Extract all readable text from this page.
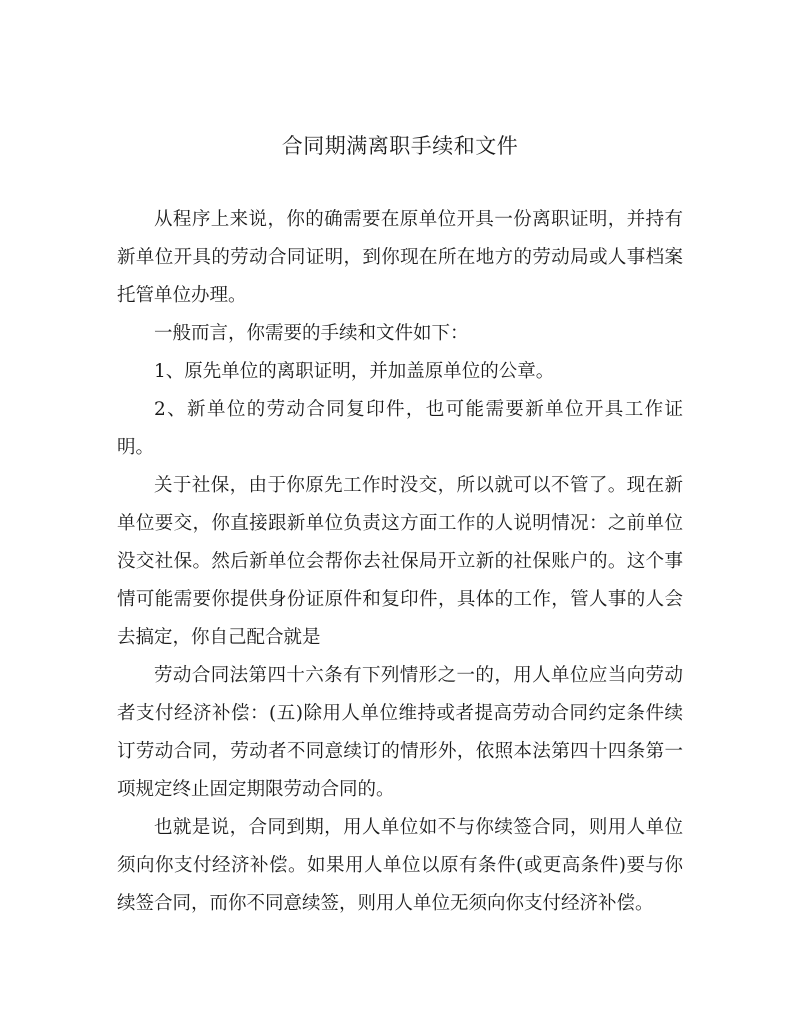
合同期满离职手续和文件

从程序上来说，你的确需要在原单位开具一份离职证明，并持有新单位开具的劳动合同证明，到你现在所在地方的劳动局或人事档案托管单位办理。

一般而言，你需要的手续和文件如下：

1、原先单位的离职证明，并加盖原单位的公章。

2、新单位的劳动合同复印件，也可能需要新单位开具工作证明。

关于社保，由于你原先工作时没交，所以就可以不管了。现在新单位要交，你直接跟新单位负责这方面工作的人说明情况：之前单位没交社保。然后新单位会帮你去社保局开立新的社保账户的。这个事情可能需要你提供身份证原件和复印件，具体的工作，管人事的人会去搞定，你自己配合就是

劳动合同法第四十六条有下列情形之一的，用人单位应当向劳动者支付经济补偿：(五)除用人单位维持或者提高劳动合同约定条件续订劳动合同，劳动者不同意续订的情形外，依照本法第四十四条第一项规定终止固定期限劳动合同的。

也就是说，合同到期，用人单位如不与你续签合同，则用人单位须向你支付经济补偿。如果用人单位以原有条件(或更高条件)要与你续签合同，而你不同意续签，则用人单位无须向你支付经济补偿。
